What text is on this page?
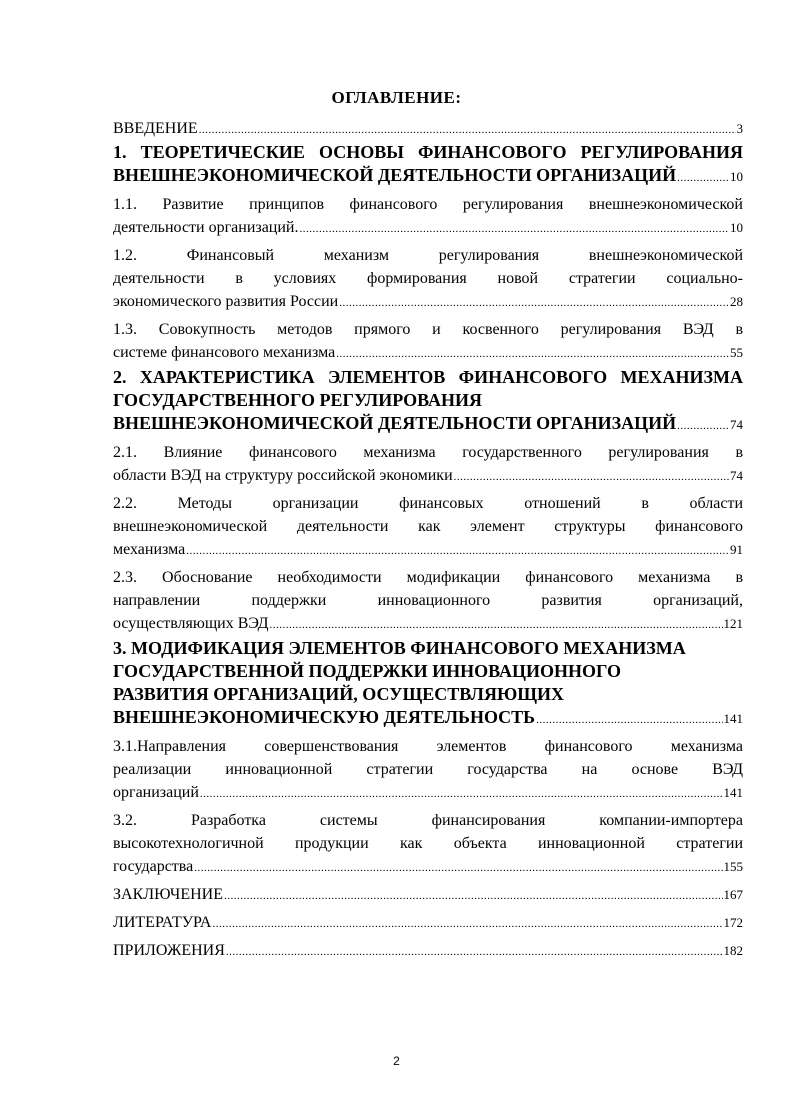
ОГЛАВЛЕНИЕ:
ВВЕДЕНИЕ .....	3
1. ТЕОРЕТИЧЕСКИЕ ОСНОВЫ ФИНАНСОВОГО РЕГУЛИРОВАНИЯ
ВНЕШНЕЭКОНОМИЧЕСКОЙ ДЕЯТЕЛЬНОСТИ ОРГАНИЗАЦИЙ .....	10
1.1. Развитие принципов финансового регулирования внешнеэкономической
деятельности организаций. .....	10
1.2. Финансовый механизм регулирования внешнеэкономической
деятельности в условиях формирования новой стратегии социально-
экономического развития России .....	28
1.3. Совокупность методов прямого и косвенного регулирования ВЭД в
системе финансового механизма .....	55
2. ХАРАКТЕРИСТИКА ЭЛЕМЕНТОВ ФИНАНСОВОГО МЕХАНИЗМА
ГОСУДАРСТВЕННОГО РЕГУЛИРОВАНИЯ
ВНЕШНЕЭКОНОМИЧЕСКОЙ ДЕЯТЕЛЬНОСТИ ОРГАНИЗАЦИЙ .....	74
2.1. Влияние финансового механизма государственного регулирования в
области ВЭД на структуру российской экономики .....	74
2.2. Методы организации финансовых отношений в области
внешнеэкономической деятельности как элемент структуры финансового
механизма .....	91
2.3. Обоснование необходимости модификации финансового механизма в
направлении поддержки инновационного развития организаций,
осуществляющих ВЭД .....	121
3. МОДИФИКАЦИЯ ЭЛЕМЕНТОВ ФИНАНСОВОГО МЕХАНИЗМА
ГОСУДАРСТВЕННОЙ ПОДДЕРЖКИ ИННОВАЦИОННОГО
РАЗВИТИЯ ОРГАНИЗАЦИЙ, ОСУЩЕСТВЛЯЮЩИХ
ВНЕШНЕЭКОНОМИЧЕСКУЮ ДЕЯТЕЛЬНОСТЬ .....	141
3.1.Направления совершенствования элементов финансового механизма
реализации инновационной стратегии государства на основе ВЭД
организаций .....	141
3.2. Разработка системы финансирования компании-импортера
высокотехнологичной продукции как объекта инновационной стратегии
государства .....	155
ЗАКЛЮЧЕНИЕ .....	167
ЛИТЕРАТУРА .....	172
ПРИЛОЖЕНИЯ .....	182
2
